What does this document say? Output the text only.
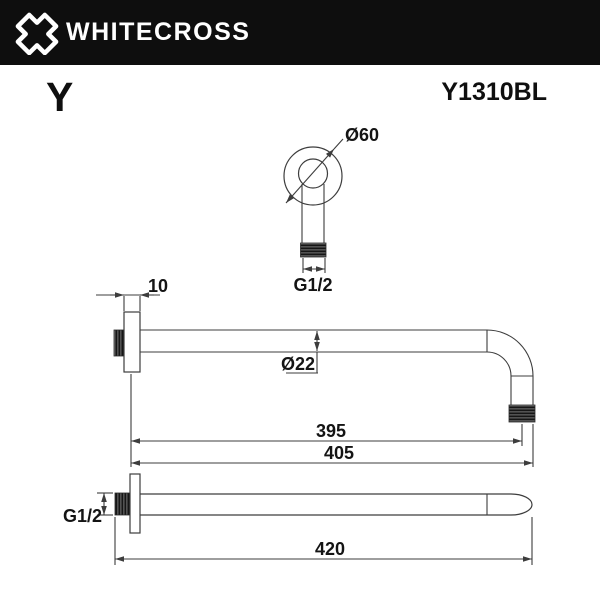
WHITECROSS
Y	Y1310BL
Ø60
G1/2
10
Ø22
395
405
G1/2
420
